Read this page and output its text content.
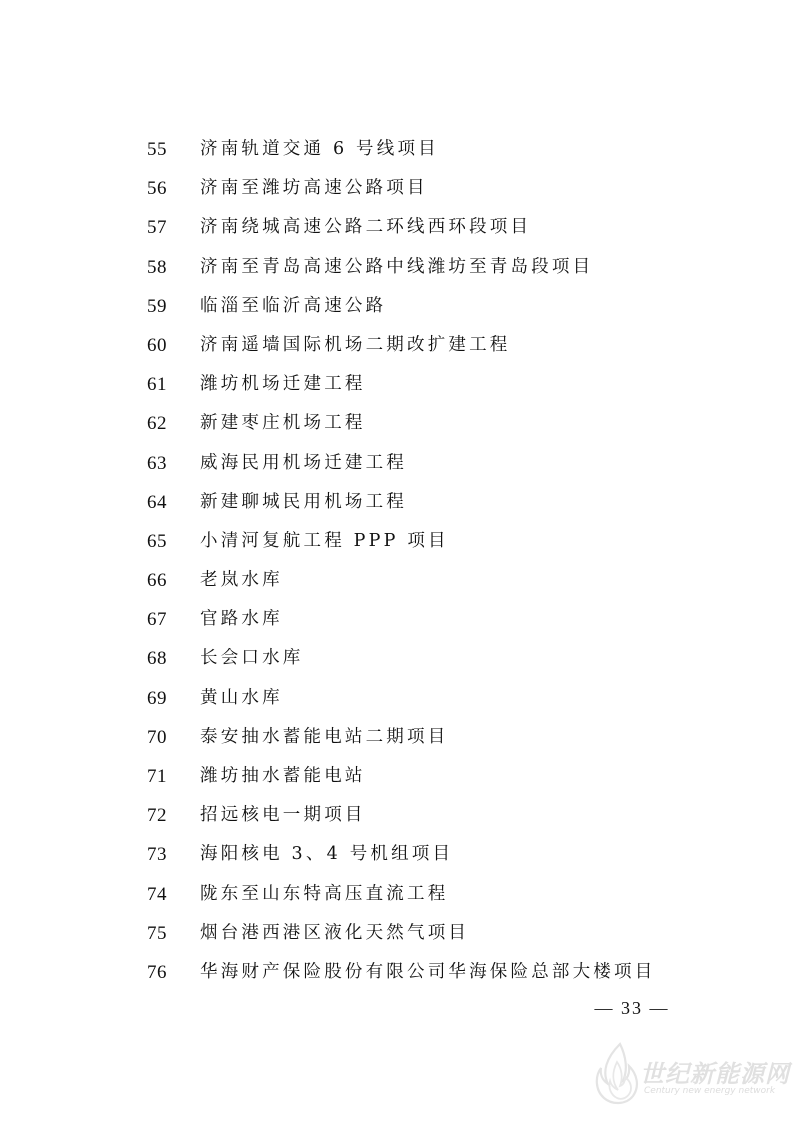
55	济南轨道交通 6 号线项目
56	济南至潍坊高速公路项目
57	济南绕城高速公路二环线西环段项目
58	济南至青岛高速公路中线潍坊至青岛段项目
59	临淄至临沂高速公路
60	济南遥墙国际机场二期改扩建工程
61	潍坊机场迁建工程
62	新建枣庄机场工程
63	威海民用机场迁建工程
64	新建聊城民用机场工程
65	小清河复航工程 PPP 项目
66	老岚水库
67	官路水库
68	长会口水库
69	黄山水库
70	泰安抽水蓄能电站二期项目
71	潍坊抽水蓄能电站
72	招远核电一期项目
73	海阳核电 3、4 号机组项目
74	陇东至山东特高压直流工程
75	烟台港西港区液化天然气项目
76	华海财产保险股份有限公司华海保险总部大楼项目
— 33 —
世纪新能源网
Century new energy network
